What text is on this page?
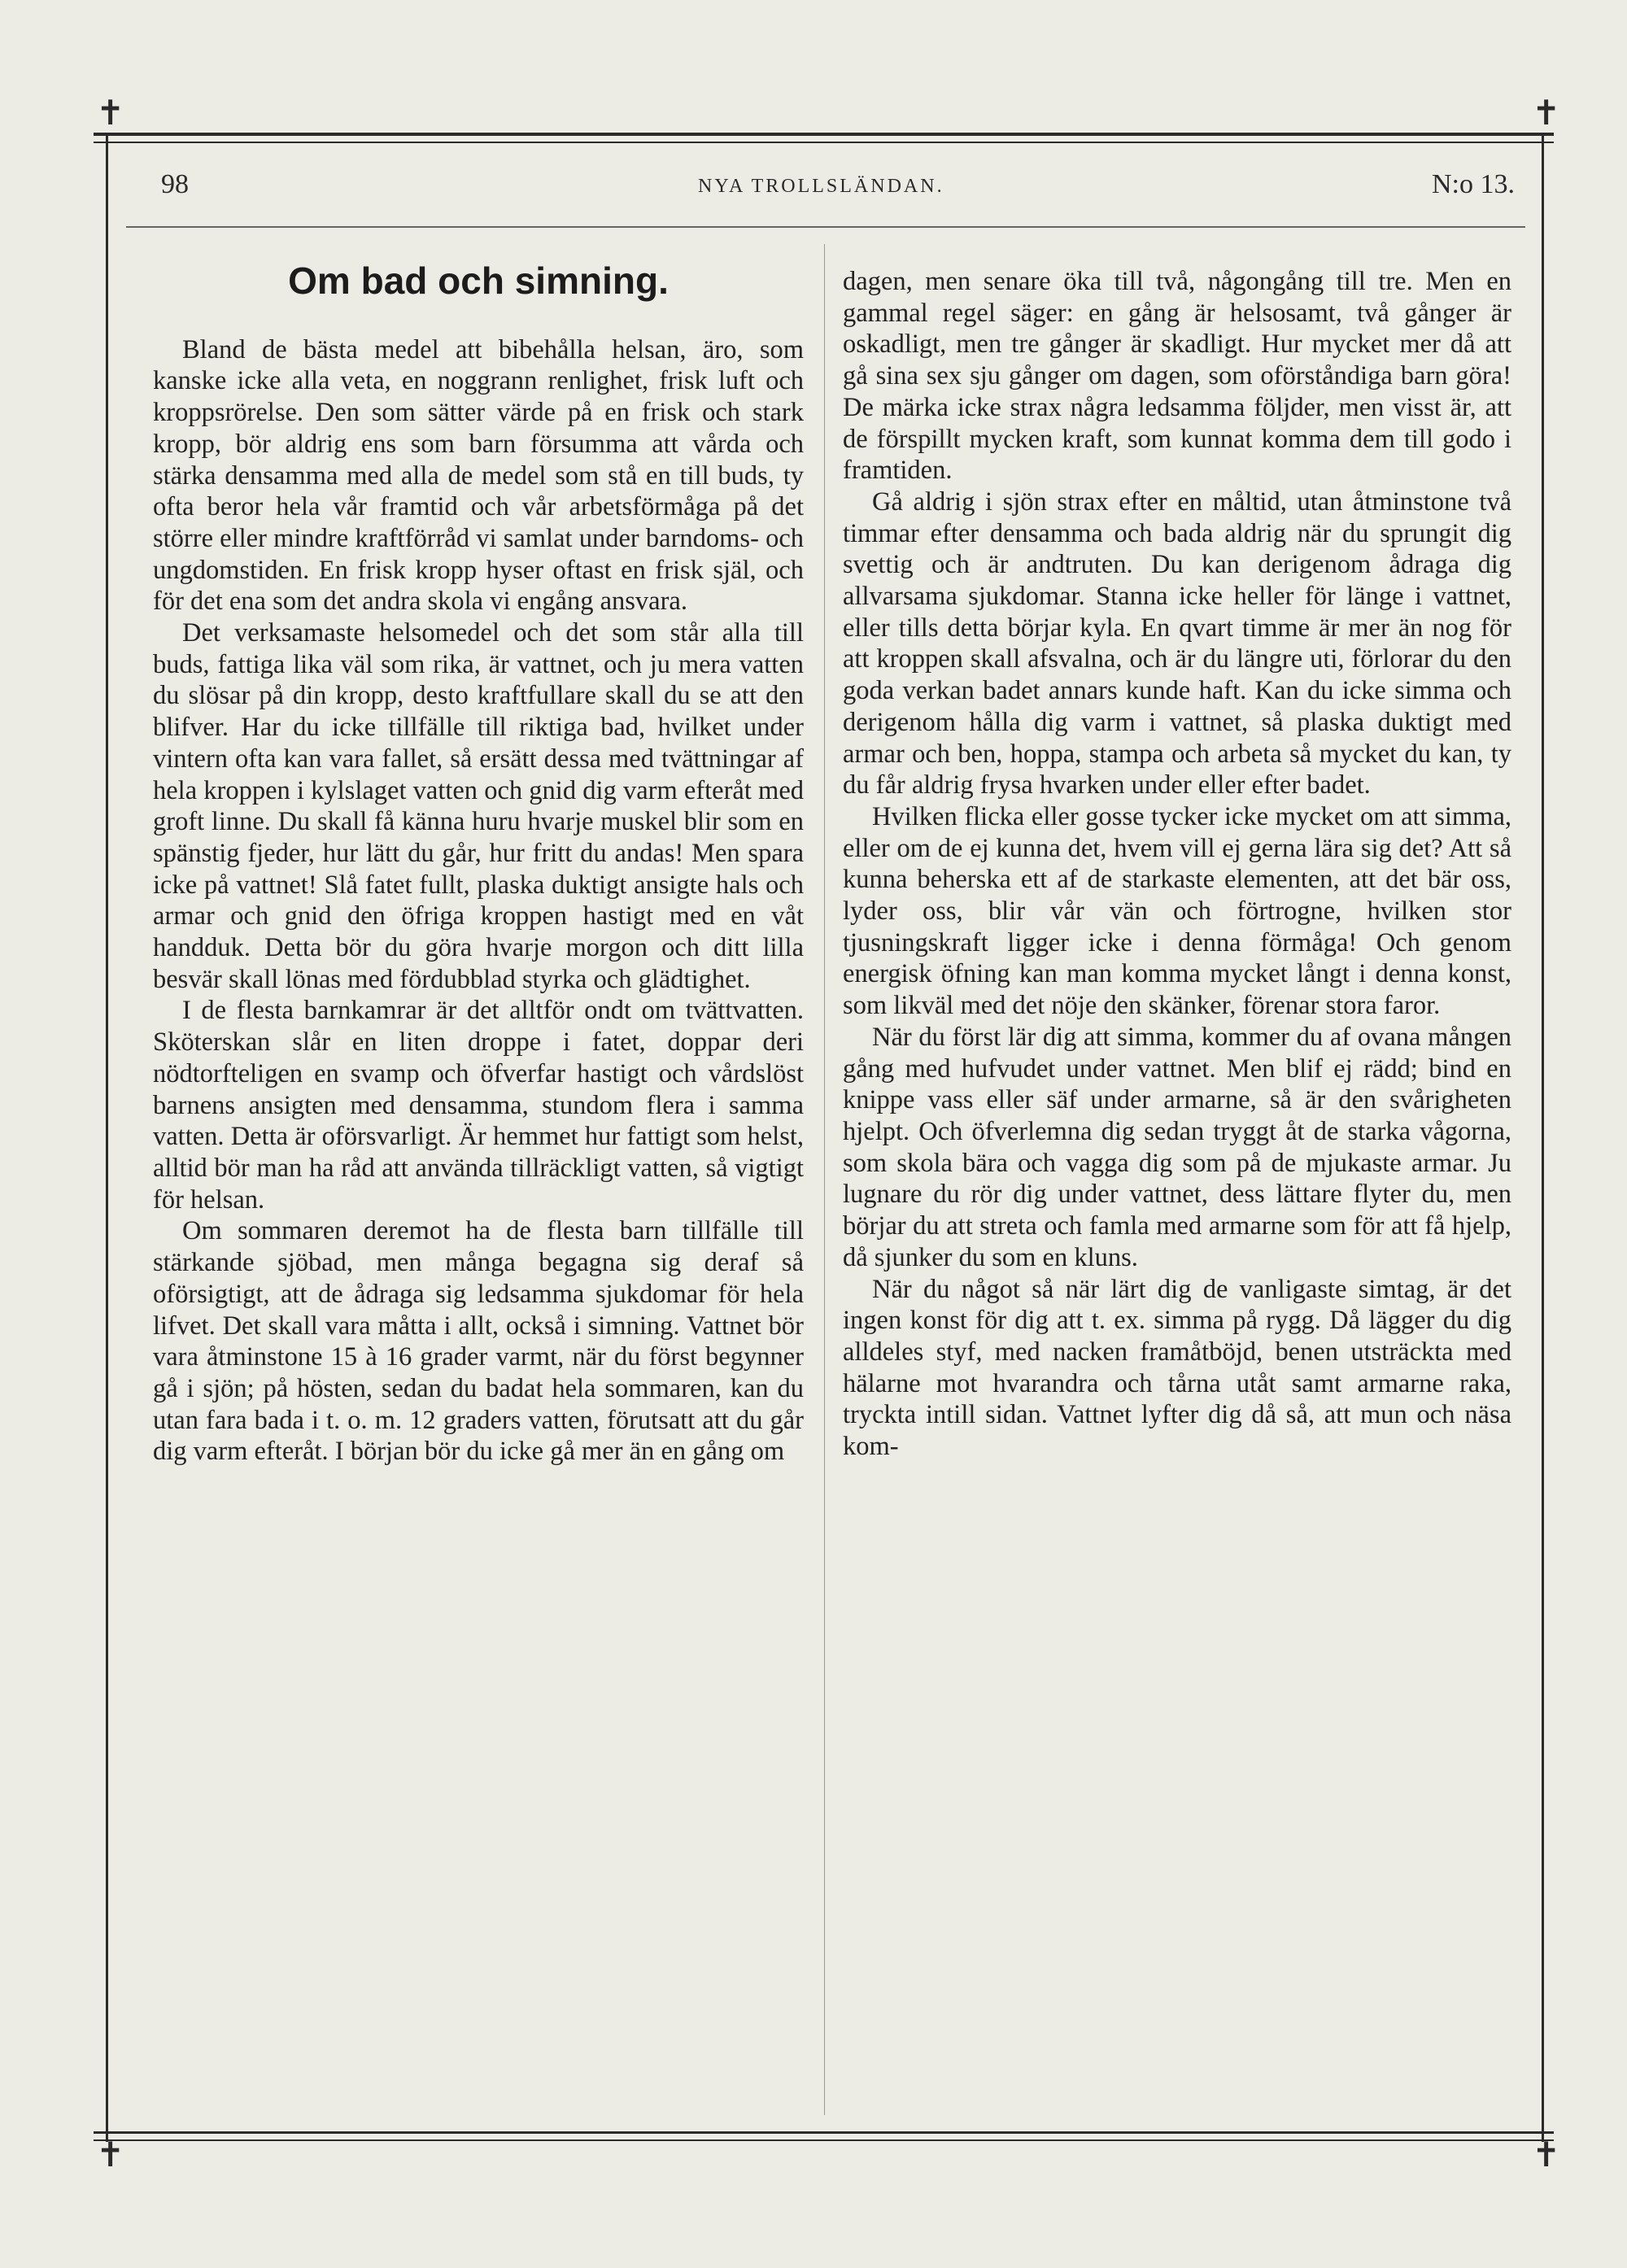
✝	✝
✝	✝
98	NYA TROLLSLÄNDAN.	N:o 13.
Om bad och simning.

Bland de bästa medel att bibehålla helsan, äro, som kanske icke alla veta, en noggrann renlighet, frisk luft och kroppsrörelse. Den som sätter värde på en frisk och stark kropp, bör aldrig ens som barn försumma att vårda och stärka densamma med alla de medel som stå en till buds, ty ofta beror hela vår framtid och vår arbetsförmåga på det större eller mindre kraftförråd vi samlat under barndoms- och ungdomstiden. En frisk kropp hyser oftast en frisk själ, och för det ena som det andra skola vi engång ansvara.

Det verksamaste helsomedel och det som står alla till buds, fattiga lika väl som rika, är vattnet, och ju mera vatten du slösar på din kropp, desto kraftfullare skall du se att den blifver. Har du icke tillfälle till riktiga bad, hvilket under vintern ofta kan vara fallet, så ersätt dessa med tvättningar af hela kroppen i kylslaget vatten och gnid dig varm efteråt med groft linne. Du skall få känna huru hvarje muskel blir som en spänstig fjeder, hur lätt du går, hur fritt du andas! Men spara icke på vattnet! Slå fatet fullt, plaska duktigt ansigte hals och armar och gnid den öfriga kroppen hastigt med en våt handduk. Detta bör du göra hvarje morgon och ditt lilla besvär skall lönas med fördubblad styrka och glädtighet.

I de flesta barnkamrar är det alltför ondt om tvättvatten. Sköterskan slår en liten droppe i fatet, doppar deri nödtorfteligen en svamp och öfverfar hastigt och vårdslöst barnens ansigten med densamma, stundom flera i samma vatten. Detta är oförsvarligt. Är hemmet hur fattigt som helst, alltid bör man ha råd att använda tillräckligt vatten, så vigtigt för helsan.

Om sommaren deremot ha de flesta barn tillfälle till stärkande sjöbad, men många begagna sig deraf så oförsigtigt, att de ådraga sig ledsamma sjukdomar för hela lifvet. Det skall vara måtta i allt, också i simning. Vattnet bör vara åtminstone 15 à 16 grader varmt, när du först begynner gå i sjön; på hösten, sedan du badat hela sommaren, kan du utan fara bada i t. o. m. 12 graders vatten, förutsatt att du går dig varm efteråt. I början bör du icke gå mer än en gång om

dagen, men senare öka till två, någongång till tre. Men en gammal regel säger: en gång är helsosamt, två gånger är oskadligt, men tre gånger är skadligt. Hur mycket mer då att gå sina sex sju gånger om dagen, som oförståndiga barn göra! De märka icke strax några ledsamma följder, men visst är, att de förspillt mycken kraft, som kunnat komma dem till godo i framtiden.

Gå aldrig i sjön strax efter en måltid, utan åtminstone två timmar efter densamma och bada aldrig när du sprungit dig svettig och är andtruten. Du kan derigenom ådraga dig allvarsama sjukdomar. Stanna icke heller för länge i vattnet, eller tills detta börjar kyla. En qvart timme är mer än nog för att kroppen skall afsvalna, och är du längre uti, förlorar du den goda verkan badet annars kunde haft. Kan du icke simma och derigenom hålla dig varm i vattnet, så plaska duktigt med armar och ben, hoppa, stampa och arbeta så mycket du kan, ty du får aldrig frysa hvarken under eller efter badet.

Hvilken flicka eller gosse tycker icke mycket om att simma, eller om de ej kunna det, hvem vill ej gerna lära sig det? Att så kunna beherska ett af de starkaste elementen, att det bär oss, lyder oss, blir vår vän och förtrogne, hvilken stor tjusningskraft ligger icke i denna förmåga! Och genom energisk öfning kan man komma mycket långt i denna konst, som likväl med det nöje den skänker, förenar stora faror.

När du först lär dig att simma, kommer du af ovana mången gång med hufvudet under vattnet. Men blif ej rädd; bind en knippe vass eller säf under armarne, så är den svårigheten hjelpt. Och öfverlemna dig sedan tryggt åt de starka vågorna, som skola bära och vagga dig som på de mjukaste armar. Ju lugnare du rör dig under vattnet, dess lättare flyter du, men börjar du att streta och famla med armarne som för att få hjelp, då sjunker du som en kluns.

När du något så när lärt dig de vanligaste simtag, är det ingen konst för dig att t. ex. simma på rygg. Då lägger du dig alldeles styf, med nacken framåtböjd, benen utsträckta med hälarne mot hvarandra och tårna utåt samt armarne raka, tryckta intill sidan. Vattnet lyfter dig då så, att mun och näsa kom-
